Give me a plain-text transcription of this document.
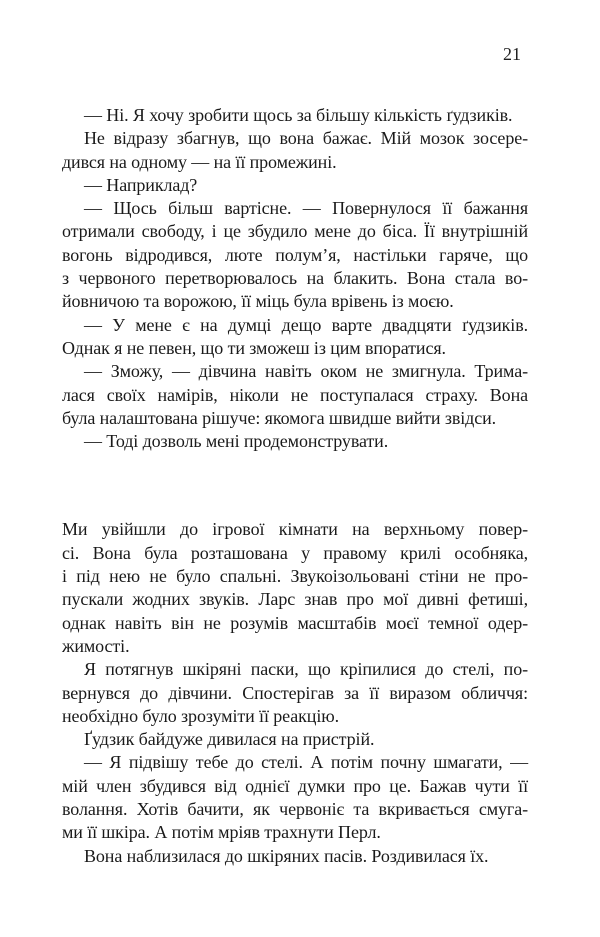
21
— Ні. Я хочу зробити щось за більшу кількість ґудзиків.
Не відразу збагнув, що вона бажає. Мій мозок зосере-
дився на одному — на її промежині.
— Наприклад?
— Щось більш вартісне. — Повернулося її бажання
отримали свободу, і це збудило мене до біса. Її внутрішній
вогонь відродився, люте полум’я, настільки гаряче, що
з червоного перетворювалось на блакить. Вона стала во-
йовничою та ворожою, її міць була врівень із моєю.
— У мене є на думці дещо варте двадцяти ґудзиків.
Однак я не певен, що ти зможеш із цим впоратися.
— Зможу, — дівчина навіть оком не змигнула. Трима-
лася своїх намірів, ніколи не поступалася страху. Вона
була налаштована рішуче: якомога швидше вийти звідси.
— Тоді дозволь мені продемонструвати.
Ми увійшли до ігрової кімнати на верхньому повер-
сі. Вона була розташована у правому крилі особняка,
і під нею не було спальні. Звукоізольовані стіни не про-
пускали жодних звуків. Ларс знав про мої дивні фетиші,
однак навіть він не розумів масштабів моєї темної одер-
жимості.
Я потягнув шкіряні паски, що кріпилися до стелі, по-
вернувся до дівчини. Спостерігав за її виразом обличчя:
необхідно було зрозуміти її реакцію.
Ґудзик байдуже дивилася на пристрій.
— Я підвішу тебе до стелі. А потім почну шмагати, —
мій член збудився від однієї думки про це. Бажав чути її
волання. Хотів бачити, як червоніє та вкривається смуга-
ми її шкіра. А потім мріяв трахнути Перл.
Вона наблизилася до шкіряних пасів. Роздивилася їх.
